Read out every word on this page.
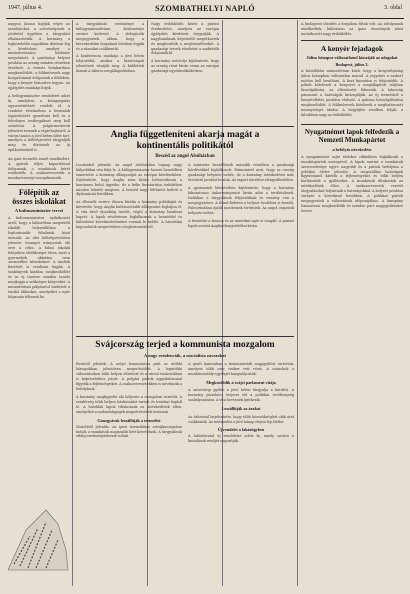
1947. július 4.	SZOMBATHELYI NAPLÓ	3. oldal

nagyon lassan hajtják végre az utasításokat, a szövetségesek a jóvátétel ügyében a tárgyalást elhalasztották. A kormány a legközelebbi napokban dönteni fog a kérdésben, amelyet a minisztertanács többször megvitatott. A gazdasági helyzet javulása az ország minden részében érezhető. A termés betakarítása megkezdődött, a földművesek nagy buzgalommal dolgoznak a földeken, hogy a kenyér biztosítva legyen. Az újjáépítés munkája folyik.

A belügyminiszter rendeletet adott ki, amelyben a közigazgatás egyszerűsítését rendeli el. A rendelet értelmében a hivatalok ügyintézését gyorsítani kell és a felesleges iratforgalmat meg kell szüntetni. A polgármesterek jelentést tesznek a végrehajtásról. A városi tanács a jövő héten ülést tart, amelyen a költségvetést tárgyalják meg és döntenek az új építkezésekről is.

Az ipari termelés ismét emelkedett. A gyárak teljes kapacitással dolgoznak, a munkások bérét rendezték. A szakszervezetek a munkaversenyt szorgalmazzák.

Fölépítik az összes iskolákat
A kultuszminiszter tervei

A kultuszminiszter nyilatkozott arról, hogy a háborúban megsérült iskolák helyreállítása a legfontosabb feladatok közé tartozik. Az idei költségvetésben jelentős összeget irányoztak elő erre a célra. A falusi iskolák felépítése elsőbbséget élvez, mert a gyermekek oktatása nem szenvedhet késedelmet. A tanítók fizetését is rendezni fogják. A tankönyvek kiadása megkezdődött és az új tanévre minden tanuló megkapja a szükséges könyveket. A minisztérium pályázatot hirdetett a tanítói állásokra, amelyeket a nyár folyamán töltenek be.

A tárgyalások eredménye a külügyminisztérium közleménye szerint kedvező. A delegációk megegyeztek abban, hogy a kereskedelmi forgalmat bővíteni fogják és a vámokat csökkentik.

A konferencia munkája a jövő héten folytatódik, amikor a bizottságok jelentéseit vitatják meg. A küldöttek bíznak a sikeres megállapodásban.

Nagy érdeklődés kíséri a párizsi értekezletet, amelyen az európai újjáépítés kérdéseit tárgyalják. A nagyhatalmak képviselői megérkeztek és megkezdték a megbeszéléseket. A gazdasági tervek részleteit a szakértők dolgozzák ki.

A kormány szóvivője kijelentette, hogy az ország részt kíván venni az európai gazdasági együttműködésben.

Anglia függetleníteni akarja magát a kontinentális politikától
Beszéd az angol Alsóházban

Londonból jelentik: Az angol alsóházban tegnap nagy külpolitikai vita folyt le. A külügyminiszter hosszú beszédben ismertette a kormány álláspontját az európai kérdésekben. Kijelentette, hogy Anglia nem kíván beleavatkozni a kontinens belső ügyeibe, de a béke fenntartása érdekében minden lehetőt megtesz. A beszéd nagy feltűnést keltett a diplomáciai körökben.

Az ellenzék vezére élesen bírálta a kormány politikáját és követelte, hogy Anglia határozottabb álláspontot foglaljon el. A vita késő éjszakáig tartott, végül a kormány bizalmat kapott. A lapok részletesen foglalkoznak a beszéddel és különböző következtetéseket vonnak le belőle. A birodalmi kapcsolatok megerősítése a legfontosabb cél.

A miniszter beszédének második részében a gazdasági kérdésekkel foglalkozott. Rámutatott arra, hogy az ország gazdasági helyzete nehéz, de a kormány intézkedései már érezhető javulást hoztak. Az export növelése elengedhetetlen.

A gyarmatok kérdésében kijelentette, hogy a kormány fokozatosan önkormányzatot kíván adni a területeknek. Indiában a tárgyalások folytatódnak és remény van a megegyezésre. A Közel-Keleten a helyzet továbbra is feszült, Palesztinában újabb incidensek történtek. Az angol csapatok helyzete nehéz.

A beszédre a francia és az amerikai sajtó is reagált. A párizsi lapok szerint Anglia elszigetelődni kíván.

Svájcország terjed a kommunista mozgalom
A nagy rezidenciák, a szocialista zavarokat

Bernből jelentik: A svájci kommunista párt az utóbbi hónapokban jelentősen megerősödött. A legutóbbi választásokon több helyen előretört és a városi tanácsokban is képviselethez jutott. A polgári pártok aggodalommal figyelik a fejleményeket. A szakszervezetekben is növekszik a befolyásuk.

A kormány megfigyelés alá helyezte a mozgalom vezetőit. A rendőrség több helyen házkutatást tartott és iratokat foglalt le. A baloldali lapok tiltakoznak az intézkedések ellen, amelyeket a szabadságjogok megsértésének tartanak.

Ganzgyárak leszállítják a termelést

Zürichből jelentik: Az ipari üzemekben sztrájkmozgalom indult, a munkások magasabb bért követelnek. A tárgyalások eddig eredménytelenek voltak.

A genfi kantonban a kommunisták nagygyűlést tartottak, amelyen több ezer ember vett részt. A szónokok a munkásosztály egységét hangsúlyozták.

Megkezdődik a svájci parlament vitája

A szövetségi gyűlés a jövő héten tárgyalja a kérdést. A kormány javaslatot terjeszt elő a politikai tevékenység szabályozására. A vita hevesnek ígérkezik.

Leszállítják az árakat

Az árhivatal bejelentette, hogy több közszükségleti cikk árát csökkentik. Az intézkedés a jövő hónap elején lép életbe.

Új rendelet a lakásügyben

A lakáshivatal új rendeletet adott ki, amely szerint a kiutalások rendjét szigorítják.

A budapesti tőzsdén a forgalom élénk volt. Az árfolyamok emelkedtek, különösen az ipari részvények iránt mutatkozott nagy érdeklődés.

A kenyér fejadagok
Július hónapra változatlanul kiosztják az adagokat
Budapest, július 3.

A közellátási minisztérium közli, hogy a kenyérfejadag július hónapban változatlan marad. A jegyeket a szokott módon kell beváltani. A liszt kiosztása is folytatódik. A pékek kötelesek a kenyeret a megállapított súlyban kiszolgáltatni, az ellenőrzést fokozzák. A lakosság panaszait a hatóságok kivizsgálják. Az új termésből a kenyérellátás javulása várható. A gabona beszolgáltatása megkezdődött. A földművesek kötelesek a meghatározott mennyiséget átadni. A begyűjtés rendben folyik, a falvakban nagy az érdeklődés.

Nyugatnémet lapok felfedezik a Nemzeti Munkapártot
a befolyás növekedése

A nyugatnémet sajtó érdekes cikkekben foglalkozik a munkáspártok szerepével. A lapok szerint a munkások szervezettsége egyre nagyobb és a pártok befolyása a politikai életre jelentős. A megszállási hatóságok figyelemmel kísérik a fejleményeket és több helyen korlátozták a gyűléseket. A munkások tiltakoztak az intézkedések ellen. A szakszervezetek vezetői tárgyalásokat folytatnak a hatóságokkal. A helyzet javulása várható a következő hetekben. A politikai pártok megegyeztek a választások időpontjában. A kampány hamarosan megkezdődik és minden párt nagygyűléseket tervez.
